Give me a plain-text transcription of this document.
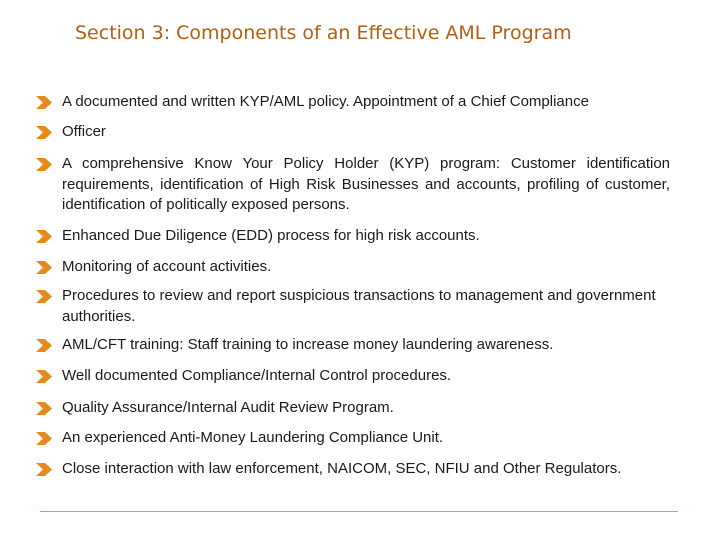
Section 3: Components of an Effective AML Program
A documented and written KYP/AML policy. Appointment of a Chief Compliance
Officer
A comprehensive Know Your Policy Holder (KYP) program: Customer identification requirements, identification of High Risk Businesses and accounts, profiling of customer, identification of politically exposed persons.
Enhanced Due Diligence (EDD) process for high risk accounts.
Monitoring of account activities.
Procedures to review and report suspicious transactions to management and government authorities.
AML/CFT training: Staff training to increase money laundering awareness.
Well documented Compliance/Internal Control procedures.
Quality Assurance/Internal Audit Review Program.
An experienced Anti-Money Laundering Compliance Unit.
Close interaction with law enforcement, NAICOM, SEC, NFIU and Other Regulators.
